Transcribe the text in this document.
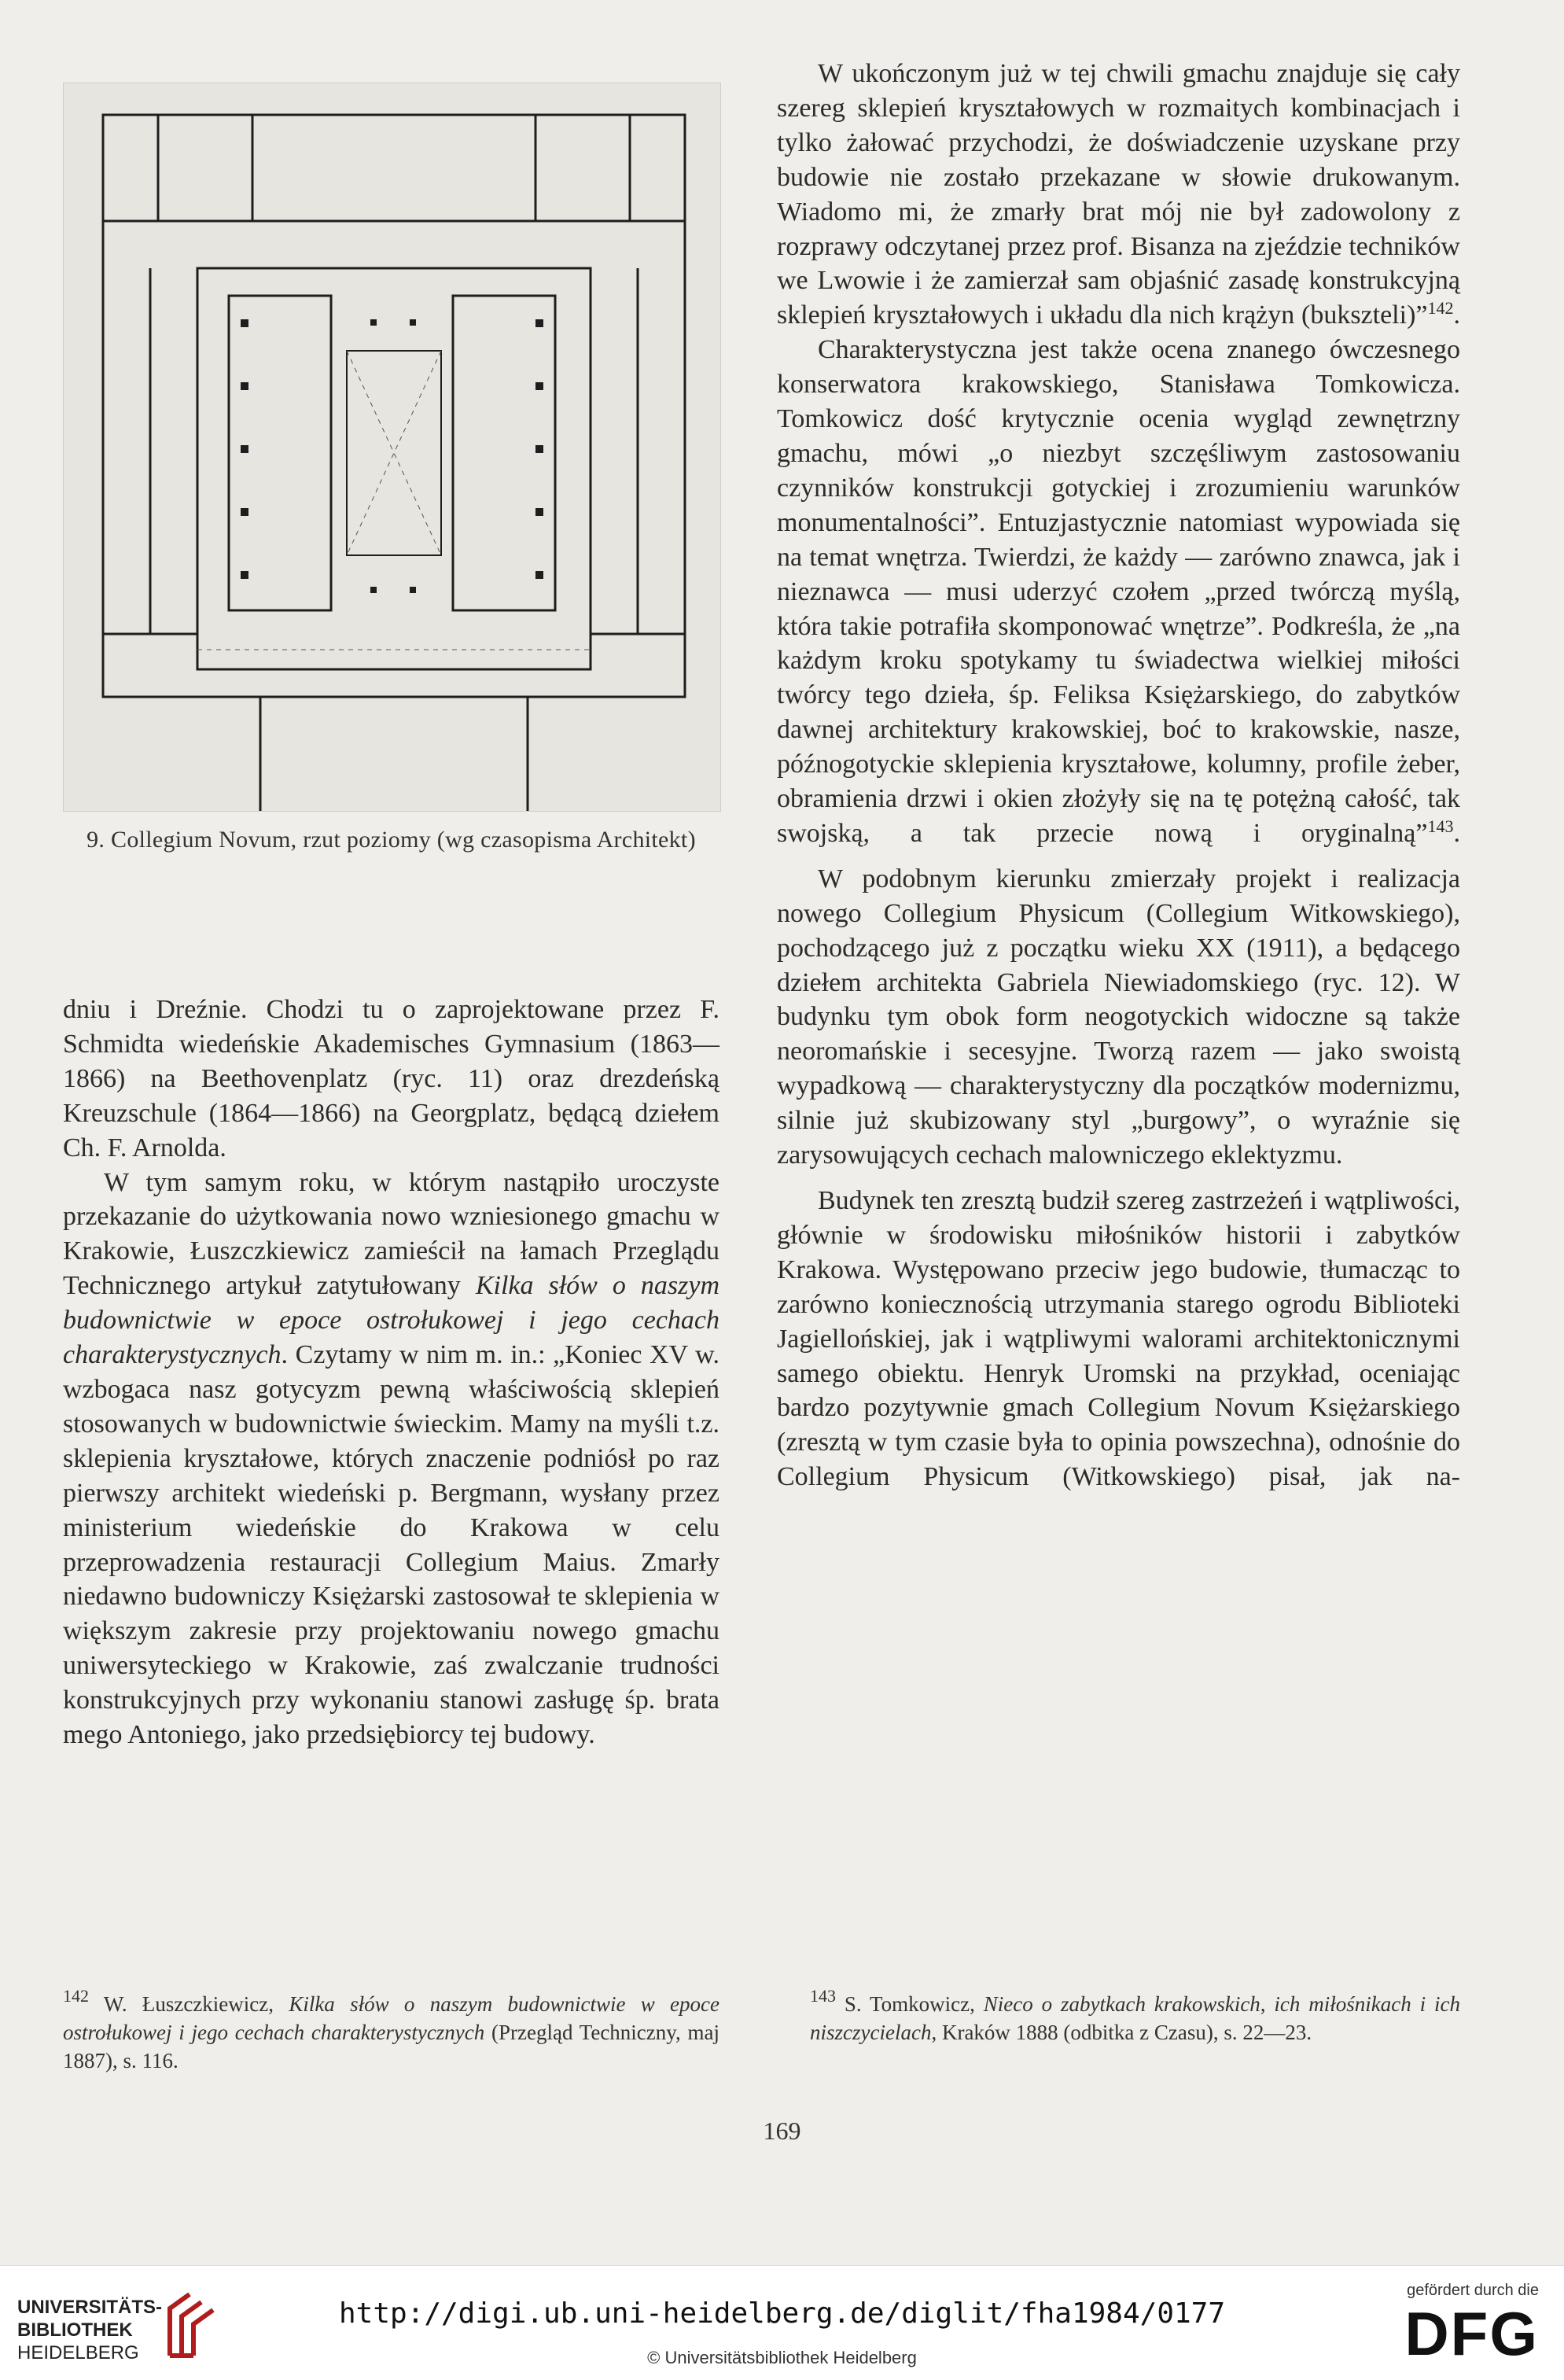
9. Collegium Novum, rzut poziomy (wg czasopisma Architekt)

dniu i Dreźnie. Chodzi tu o zaprojektowane przez F. Schmidta wiedeńskie Akademisches Gymnasium (1863—1866) na Beethovenplatz (ryc. 11) oraz drezdeńską Kreuzschule (1864—1866) na Georgplatz, będącą dziełem Ch. F. Arnolda.

W tym samym roku, w którym nastąpiło uroczyste przekazanie do użytkowania nowo wzniesionego gmachu w Krakowie, Łuszczkiewicz zamieścił na łamach Przeglądu Technicznego artykuł zatytułowany Kilka słów o naszym budownictwie w epoce ostrołukowej i jego cechach charakterystycznych. Czytamy w nim m. in.: „Koniec XV w. wzbogaca nasz gotycyzm pewną właściwością sklepień stosowanych w budownictwie świeckim. Mamy na myśli t.z. sklepienia kryształowe, których znaczenie podniósł po raz pierwszy architekt wiedeński p. Bergmann, wysłany przez ministerium wiedeńskie do Krakowa w celu przeprowadzenia restauracji Collegium Maius. Zmarły niedawno budowniczy Księżarski zastosował te sklepienia w większym zakresie przy projektowaniu nowego gmachu uniwersyteckiego w Krakowie, zaś zwalczanie trudności konstrukcyjnych przy wykonaniu stanowi zasługę śp. brata mego Antoniego, jako przedsiębiorcy tej budowy.

W ukończonym już w tej chwili gmachu znajduje się cały szereg sklepień kryształowych w rozmaitych kombinacjach i tylko żałować przychodzi, że doświadczenie uzyskane przy budowie nie zostało przekazane w słowie drukowanym. Wiadomo mi, że zmarły brat mój nie był zadowolony z rozprawy odczytanej przez prof. Bisanza na zjeździe techników we Lwowie i że zamierzał sam objaśnić zasadę konstrukcyjną sklepień kryształowych i układu dla nich krążyn (bukszteli)”$^{142}$.

Charakterystyczna jest także ocena znanego ówczesnego konserwatora krakowskiego, Stanisława Tomkowicza. Tomkowicz dość krytycznie ocenia wygląd zewnętrzny gmachu, mówi „o niezbyt szczęśliwym zastosowaniu czynników konstrukcji gotyckiej i zrozumieniu warunków monumentalności”. Entuzjastycznie natomiast wypowiada się na temat wnętrza. Twierdzi, że każdy — zarówno znawca, jak i nieznawca — musi uderzyć czołem „przed twórczą myślą, która takie potrafiła skomponować wnętrze”. Podkreśla, że „na każdym kroku spotykamy tu świadectwa wielkiej miłości twórcy tego dzieła, śp. Feliksa Księżarskiego, do zabytków dawnej architektury krakowskiej, boć to krakowskie, nasze, późnogotyckie sklepienia kryształowe, kolumny, profile żeber, obramienia drzwi i okien złożyły się na tę potężną całość, tak swojską, a tak przecie nową i oryginalną”$^{143}$.

W podobnym kierunku zmierzały projekt i realizacja nowego Collegium Physicum (Collegium Witkowskiego), pochodzącego już z początku wieku XX (1911), a będącego dziełem architekta Gabriela Niewiadomskiego (ryc. 12). W budynku tym obok form neogotyckich widoczne są także neoromańskie i secesyjne. Tworzą razem — jako swoistą wypadkową — charakterystyczny dla początków modernizmu, silnie już skubizowany styl „burgowy”, o wyraźnie się zarysowujących cechach malowniczego eklektyzmu.

Budynek ten zresztą budził szereg zastrzeżeń i wątpliwości, głównie w środowisku miłośników historii i zabytków Krakowa. Występowano przeciw jego budowie, tłumacząc to zarówno koniecznością utrzymania starego ogrodu Biblioteki Jagiellońskiej, jak i wątpliwymi walorami architektonicznymi samego obiektu. Henryk Uromski na przykład, oceniając bardzo pozytywnie gmach Collegium Novum Księżarskiego (zresztą w tym czasie była to opinia powszechna), odnośnie do Collegium Physicum (Witkowskiego) pisał, jak na-

$^{142}$ W. Łuszczkiewicz, Kilka słów o naszym budownictwie w epoce ostrołukowej i jego cechach charakterystycznych (Przegląd Techniczny, maj 1887), s. 116.
$^{143}$ S. Tomkowicz, Nieco o zabytkach krakowskich, ich miłośnikach i ich niszczycielach, Kraków 1888 (odbitka z Czasu), s. 22—23.
169
UNIVERSITÄTS-
BIBLIOTHEK
HEIDELBERG
http://digi.ub.uni-heidelberg.de/diglit/fha1984/0177
© Universitätsbibliothek Heidelberg
gefördert durch die
DFG
